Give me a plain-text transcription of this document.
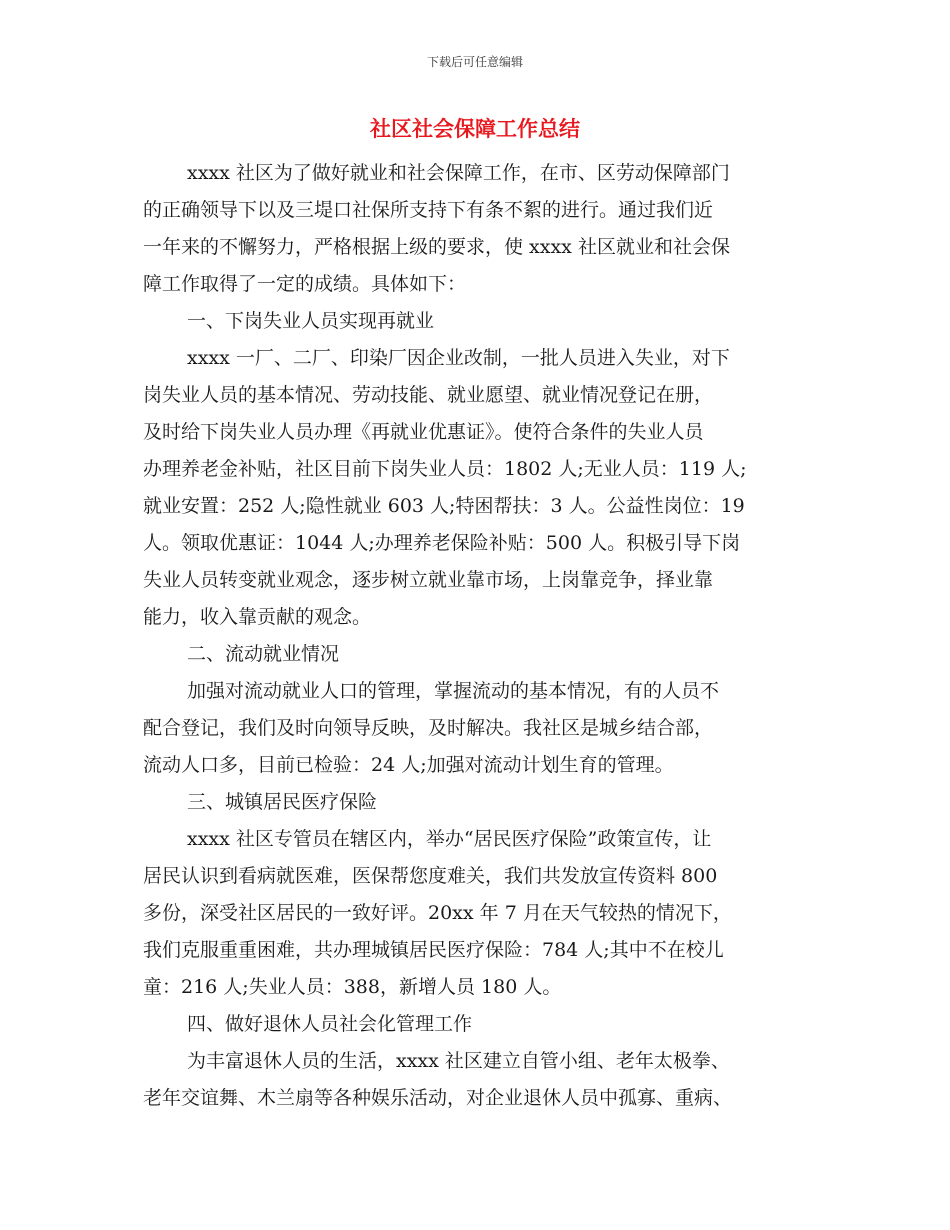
下载后可任意编辑
社区社会保障工作总结
xxxx 社区为了做好就业和社会保障工作，在市、区劳动保障部门
的正确领导下以及三堤口社保所支持下有条不絮的进行。通过我们近
一年来的不懈努力，严格根据上级的要求，使 xxxx 社区就业和社会保
障工作取得了一定的成绩。具体如下：
一、下岗失业人员实现再就业
xxxx 一厂、二厂、印染厂因企业改制，一批人员进入失业，对下
岗失业人员的基本情况、劳动技能、就业愿望、就业情况登记在册，
及时给下岗失业人员办理《再就业优惠证》。使符合条件的失业人员
办理养老金补贴，社区目前下岗失业人员：1802 人;无业人员：119 人;
就业安置：252 人;隐性就业 603 人;特困帮扶：3 人。公益性岗位：19
人。领取优惠证：1044 人;办理养老保险补贴：500 人。积极引导下岗
失业人员转变就业观念，逐步树立就业靠市场，上岗靠竞争，择业靠
能力，收入靠贡献的观念。
二、流动就业情况
加强对流动就业人口的管理，掌握流动的基本情况，有的人员不
配合登记，我们及时向领导反映，及时解决。我社区是城乡结合部，
流动人口多，目前已检验：24 人;加强对流动计划生育的管理。
三、城镇居民医疗保险
xxxx 社区专管员在辖区内，举办“居民医疗保险”政策宣传，让
居民认识到看病就医难，医保帮您度难关，我们共发放宣传资料 800
多份，深受社区居民的一致好评。20xx 年 7 月在天气较热的情况下，
我们克服重重困难，共办理城镇居民医疗保险：784 人;其中不在校儿
童：216 人;失业人员：388，新增人员 180 人。
四、做好退休人员社会化管理工作
为丰富退休人员的生活，xxxx 社区建立自管小组、老年太极拳、
老年交谊舞、木兰扇等各种娱乐活动，对企业退休人员中孤寡、重病、
